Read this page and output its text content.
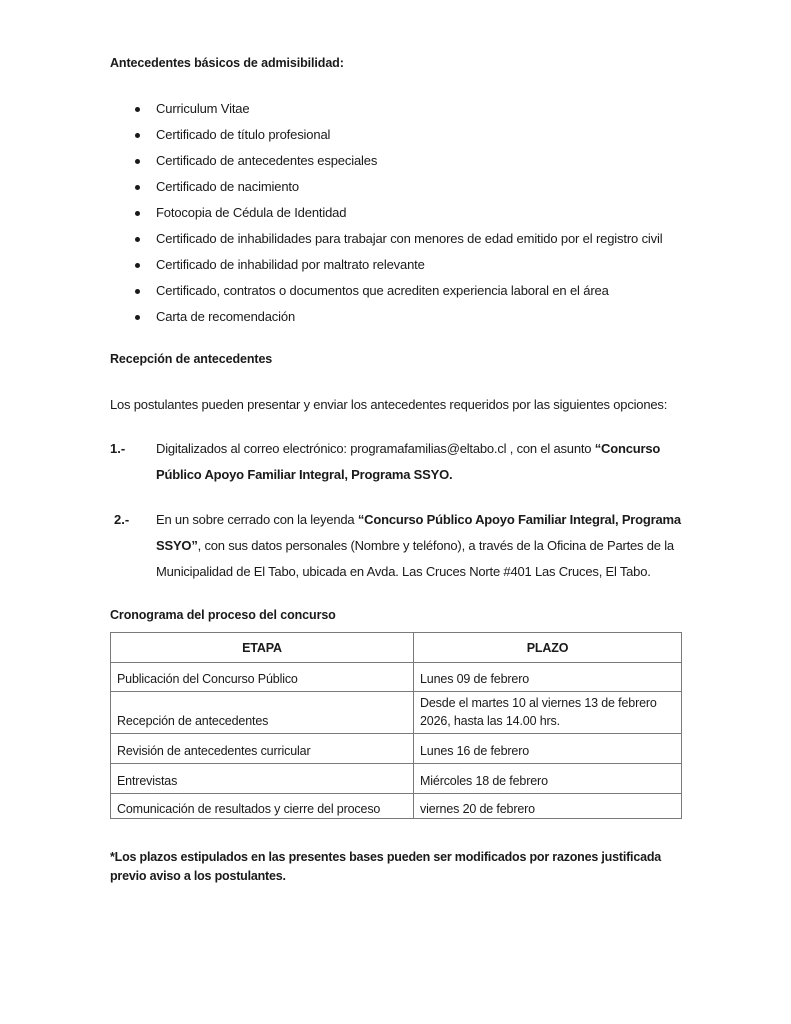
Antecedentes básicos de admisibilidad:
Curriculum Vitae
Certificado de título profesional
Certificado de antecedentes especiales
Certificado de nacimiento
Fotocopia de Cédula de Identidad
Certificado de inhabilidades para trabajar con menores de edad emitido por el registro civil
Certificado de inhabilidad por maltrato relevante
Certificado, contratos o documentos que acrediten experiencia laboral en el área
Carta de recomendación
Recepción de antecedentes
Los postulantes pueden presentar y enviar los antecedentes requeridos por las siguientes opciones:
1.- Digitalizados al correo electrónico: programafamilias@eltabo.cl , con el asunto “Concurso
Público Apoyo Familiar Integral, Programa SSYO.
2.- En un sobre cerrado con la leyenda “Concurso Público Apoyo Familiar Integral, Programa
SSYO”, con sus datos personales (Nombre y teléfono), a través de la Oficina de Partes de la
Municipalidad de El Tabo, ubicada en Avda. Las Cruces Norte #401 Las Cruces, El Tabo.
Cronograma del proceso del concurso
ETAPA	PLAZO
Publicación del Concurso Público	Lunes 09 de febrero
Recepción de antecedentes	Desde el martes 10 al viernes 13 de febrero
2026, hasta las 14.00 hrs.

Revisión de antecedentes curricular	Lunes 16 de febrero
Entrevistas	Miércoles 18 de febrero
Comunicación de resultados y cierre del proceso	viernes 20 de febrero
*Los plazos estipulados en las presentes bases pueden ser modificados por razones justificada
previo aviso a los postulantes.
